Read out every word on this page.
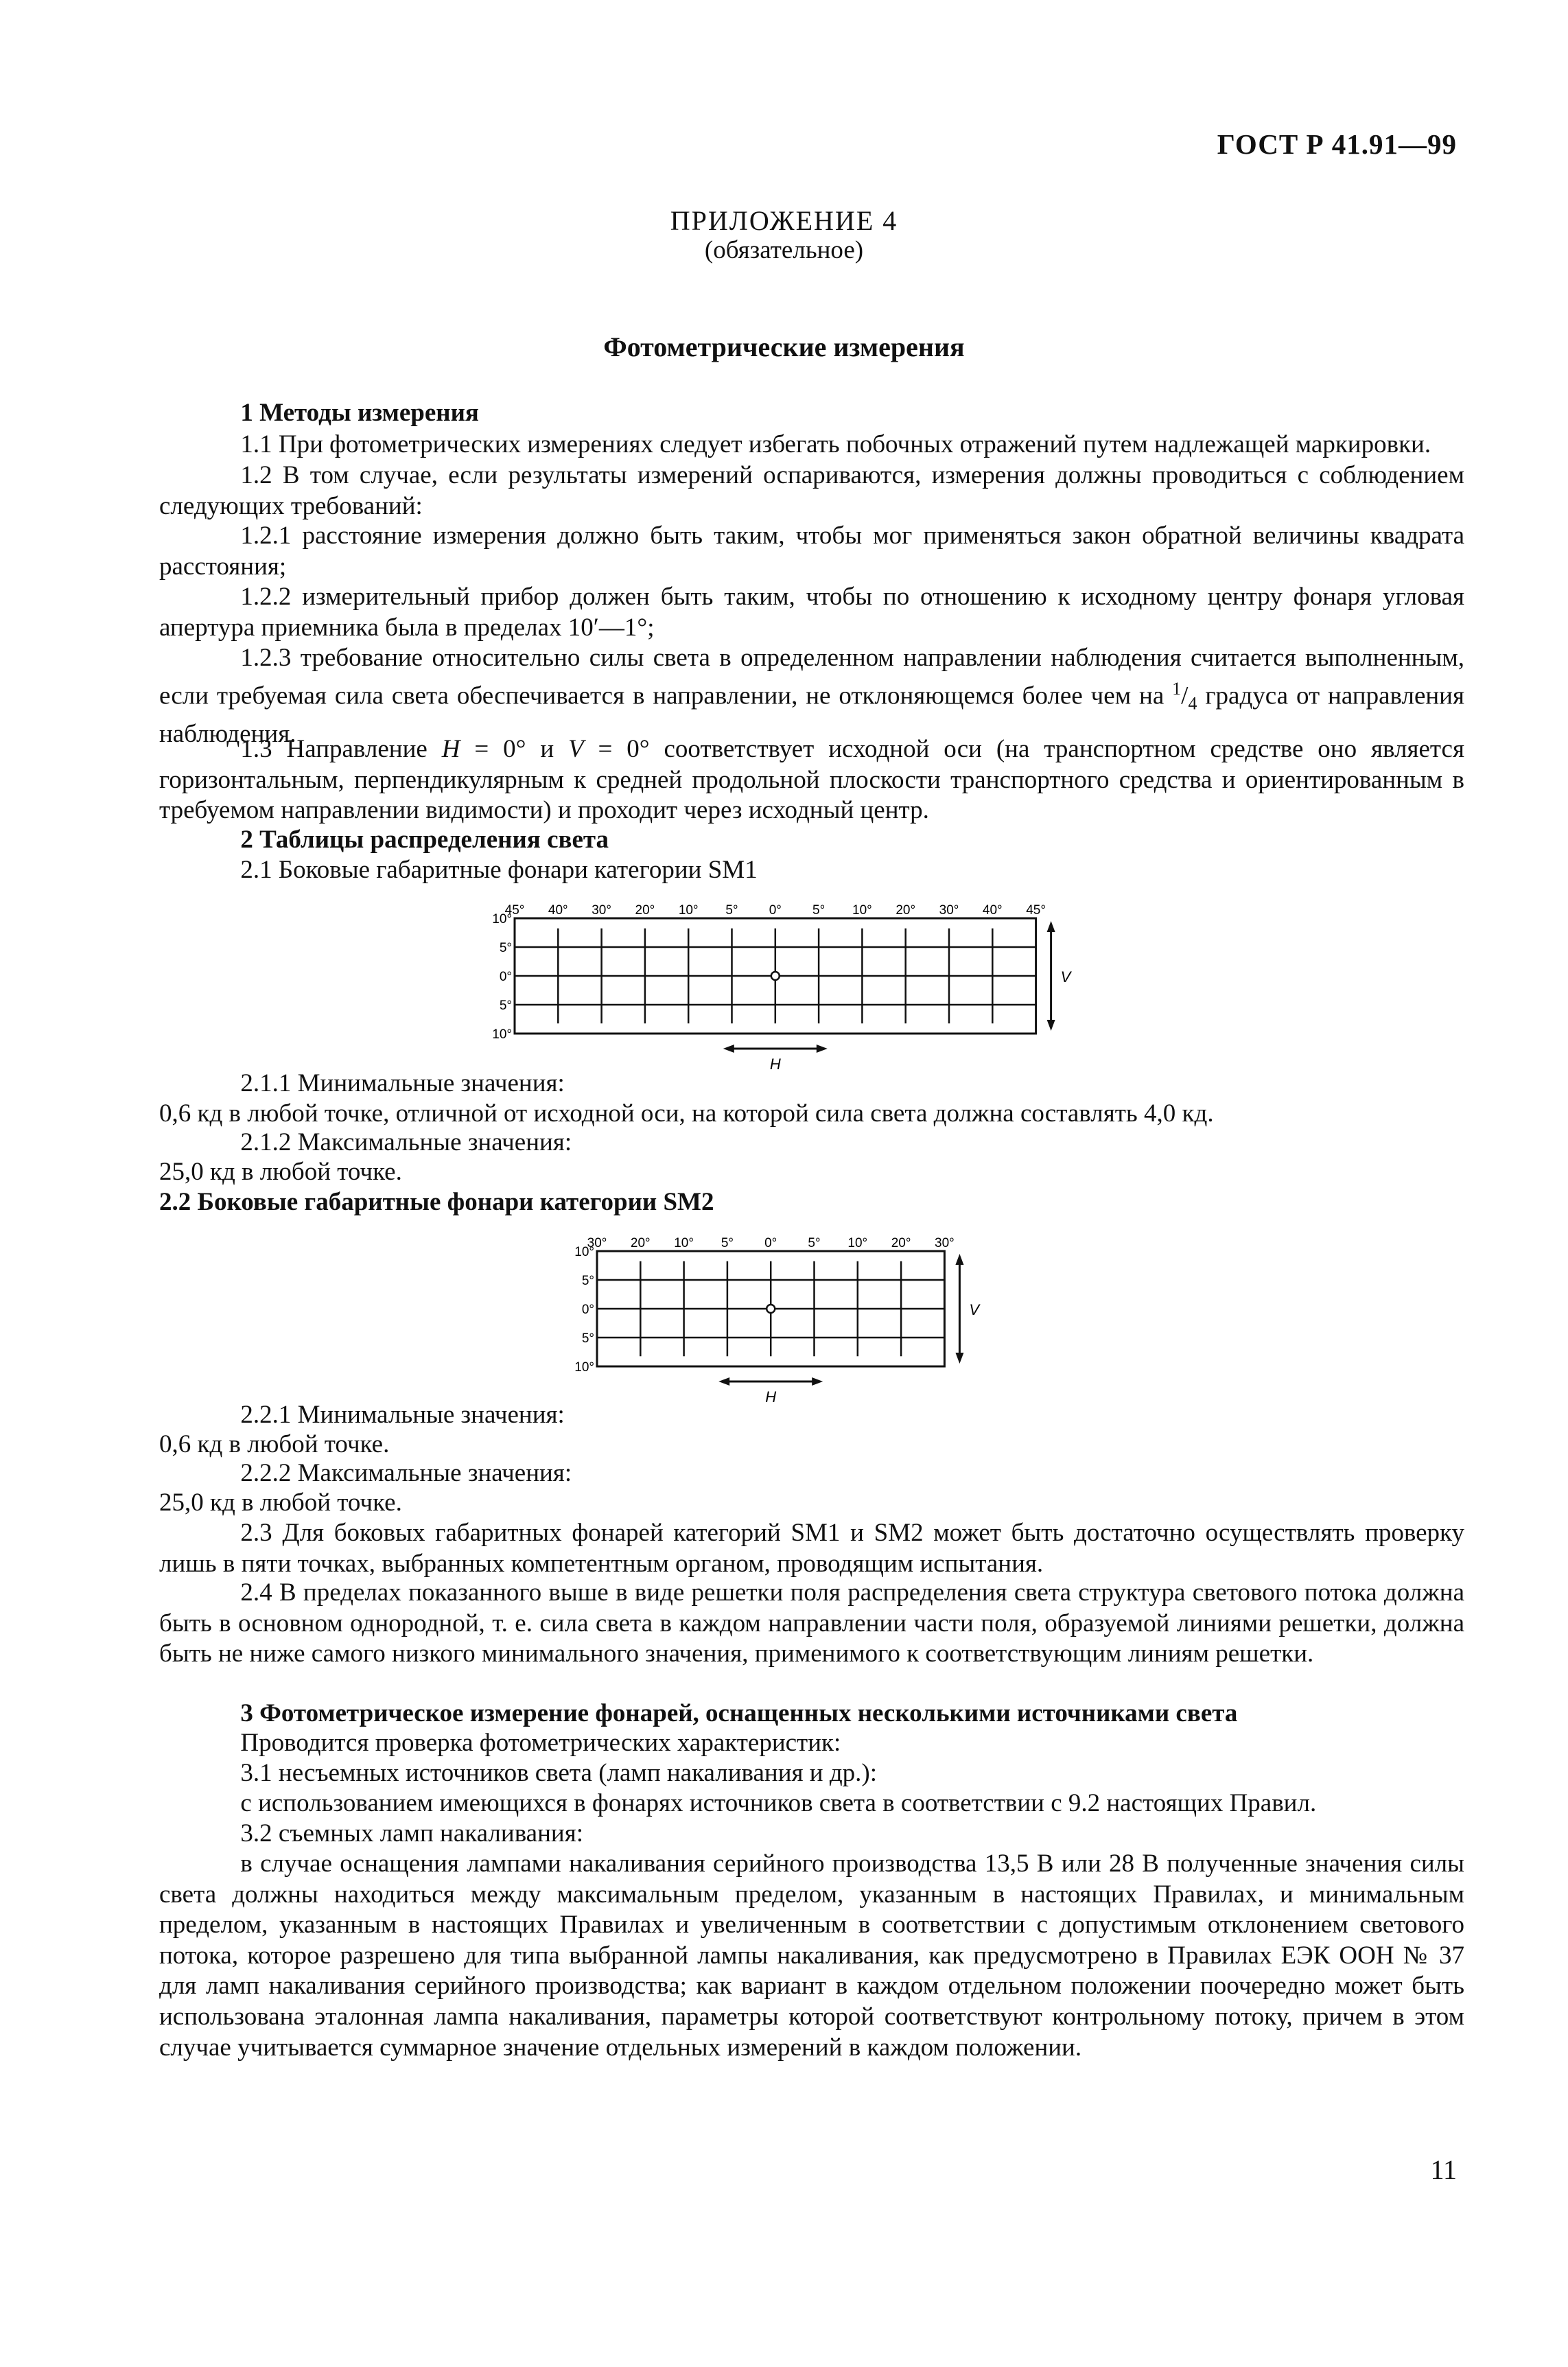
ГОСТ Р 41.91—99
ПРИЛОЖЕНИЕ 4
(обязательное)
Фотометрические измерения
1 Методы измерения
1.1 При фотометрических измерениях следует избегать побочных отражений путем надлежащей маркировки.
1.2 В том случае, если результаты измерений оспариваются, измерения должны проводиться с соблюдением следующих требований:
1.2.1 расстояние измерения должно быть таким, чтобы мог применяться закон обратной величины квадрата расстояния;
1.2.2 измерительный прибор должен быть таким, чтобы по отношению к исходному центру фонаря угловая апертура приемника была в пределах 10′—1°;
1.2.3 требование относительно силы света в определенном направлении наблюдения считается выполненным, если требуемая сила света обеспечивается в направлении, не отклоняющемся более чем на $^1/_4$ градуса от направления наблюдения.
1.3 Направление H = 0° и V = 0° соответствует исходной оси (на транспортном средстве оно является горизонтальным, перпендикулярным к средней продольной плоскости транспортного средства и ориентированным в требуемом направлении видимости) и проходит через исходный центр.
2 Таблицы распределения света
2.1 Боковые габаритные фонари категории SM1
45° 40° 30° 20° 10° 5° 0° 5° 10° 20° 30° 40° 45°
10°
5°
0°
5°
10°
H
V
2.1.1 Минимальные значения:
0,6 кд в любой точке, отличной от исходной оси, на которой сила света должна составлять 4,0 кд.
2.1.2 Максимальные значения:
25,0 кд в любой точке.
2.2 Боковые габаритные фонари категории SM2
30° 20° 10° 5° 0° 5° 10° 20° 30°
10°
5°
0°
5°
10°
H
V
2.2.1 Минимальные значения:
0,6 кд в любой точке.
2.2.2 Максимальные значения:
25,0 кд в любой точке.
2.3 Для боковых габаритных фонарей категорий SM1 и SM2 может быть достаточно осуществлять проверку лишь в пяти точках, выбранных компетентным органом, проводящим испытания.
2.4 В пределах показанного выше в виде решетки поля распределения света структура светового потока должна быть в основном однородной, т. е. сила света в каждом направлении части поля, образуемой линиями решетки, должна быть не ниже самого низкого минимального значения, применимого к соответствующим линиям решетки.
3 Фотометрическое измерение фонарей, оснащенных несколькими источниками света
Проводится проверка фотометрических характеристик:
3.1 несъемных источников света (ламп накаливания и др.):
с использованием имеющихся в фонарях источников света в соответствии с 9.2 настоящих Правил.
3.2 съемных ламп накаливания:
в случае оснащения лампами накаливания серийного производства 13,5 В или 28 В полученные значения силы света должны находиться между максимальным пределом, указанным в настоящих Правилах, и минимальным пределом, указанным в настоящих Правилах и увеличенным в соответствии с допустимым отклонением светового потока, которое разрешено для типа выбранной лампы накаливания, как предусмотрено в Правилах ЕЭК ООН № 37 для ламп накаливания серийного производства; как вариант в каждом отдельном положении поочередно может быть использована эталонная лампа накаливания, параметры которой соответствуют контрольному потоку, причем в этом случае учитывается суммарное значение отдельных измерений в каждом положении.
11
